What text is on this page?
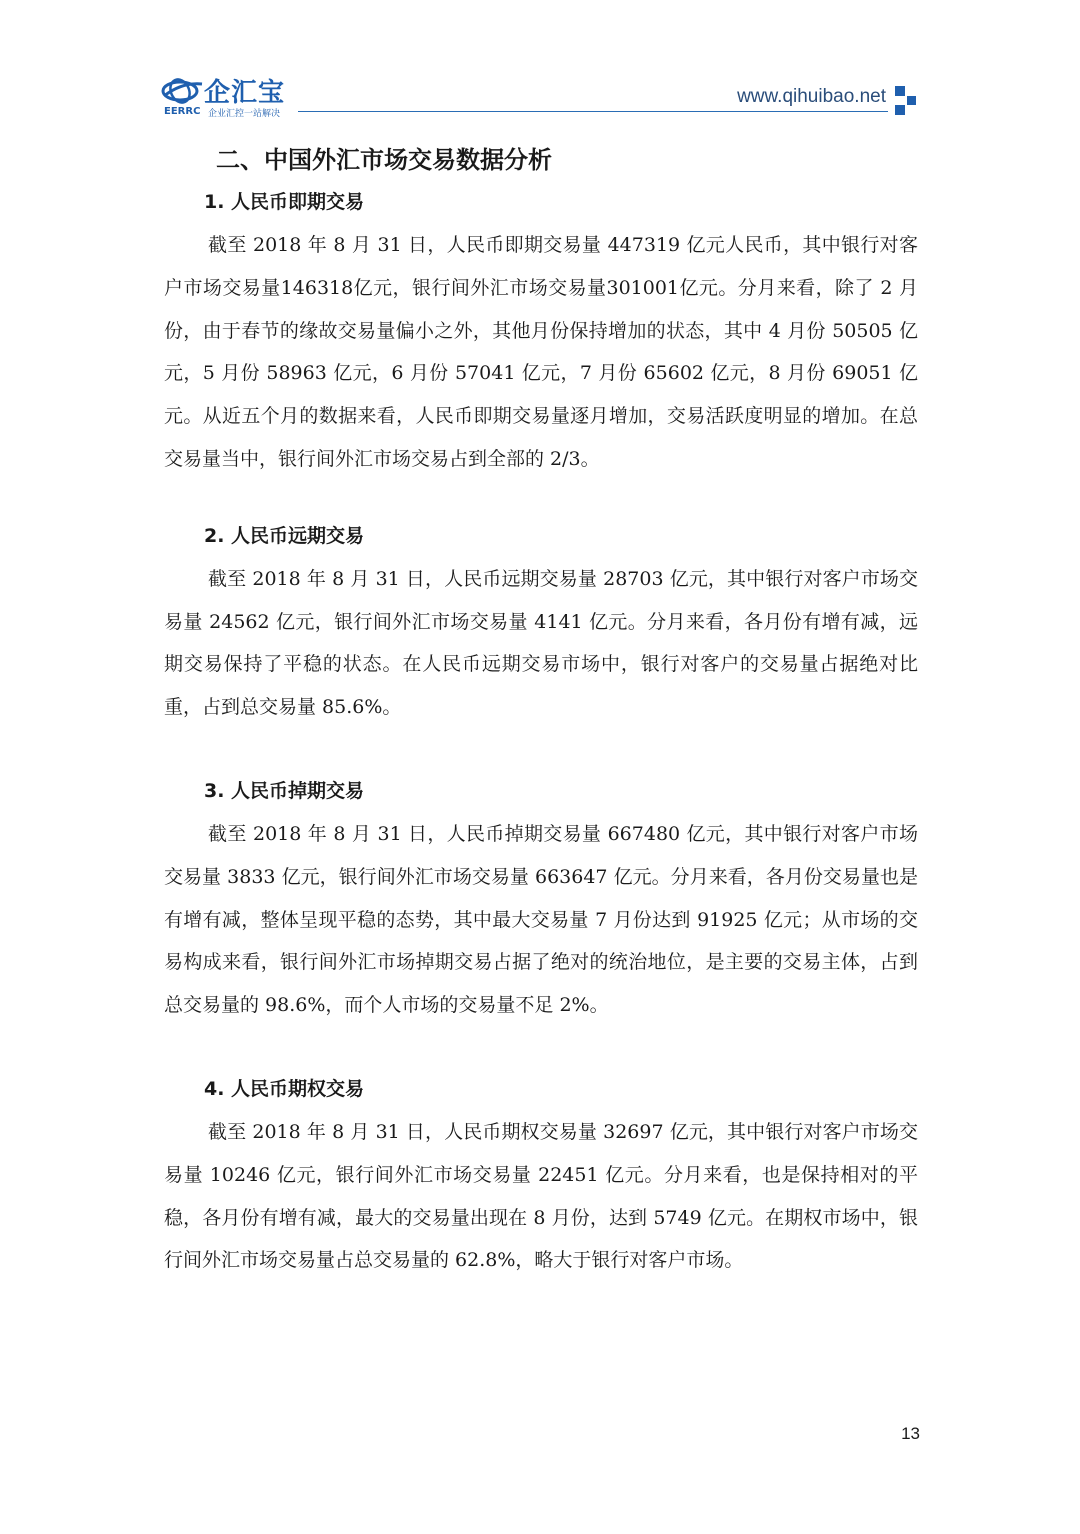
企汇宝
EERRC 企业汇控一站解决
www.qihuibao.net
二、中国外汇市场交易数据分析
1. 人民币即期交易

截至 2018 年 8 月 31 日，人民币即期交易量 447319 亿元人民币，其中银行对客户市场交易量146318亿元，银行间外汇市场交易量301001亿元。分月来看，除了 2 月份，由于春节的缘故交易量偏小之外，其他月份保持增加的状态，其中 4 月份 50505 亿元，5 月份 58963 亿元，6 月份 57041 亿元，7 月份 65602 亿元，8 月份 69051 亿元。从近五个月的数据来看，人民币即期交易量逐月增加，交易活跃度明显的增加。在总交易量当中，银行间外汇市场交易占到全部的 2/3。

2. 人民币远期交易

截至 2018 年 8 月 31 日，人民币远期交易量 28703 亿元，其中银行对客户市场交易量 24562 亿元，银行间外汇市场交易量 4141 亿元。分月来看，各月份有增有减，远期交易保持了平稳的状态。在人民币远期交易市场中，银行对客户的交易量占据绝对比重，占到总交易量 85.6%。

3. 人民币掉期交易

截至 2018 年 8 月 31 日，人民币掉期交易量 667480 亿元，其中银行对客户市场交易量 3833 亿元，银行间外汇市场交易量 663647 亿元。分月来看，各月份交易量也是有增有减，整体呈现平稳的态势，其中最大交易量 7 月份达到 91925 亿元；从市场的交易构成来看，银行间外汇市场掉期交易占据了绝对的统治地位，是主要的交易主体，占到总交易量的 98.6%，而个人市场的交易量不足 2%。

4. 人民币期权交易

截至 2018 年 8 月 31 日，人民币期权交易量 32697 亿元，其中银行对客户市场交易量 10246 亿元，银行间外汇市场交易量 22451 亿元。分月来看，也是保持相对的平稳，各月份有增有减，最大的交易量出现在 8 月份，达到 5749 亿元。在期权市场中，银行间外汇市场交易量占总交易量的 62.8%，略大于银行对客户市场。

13
